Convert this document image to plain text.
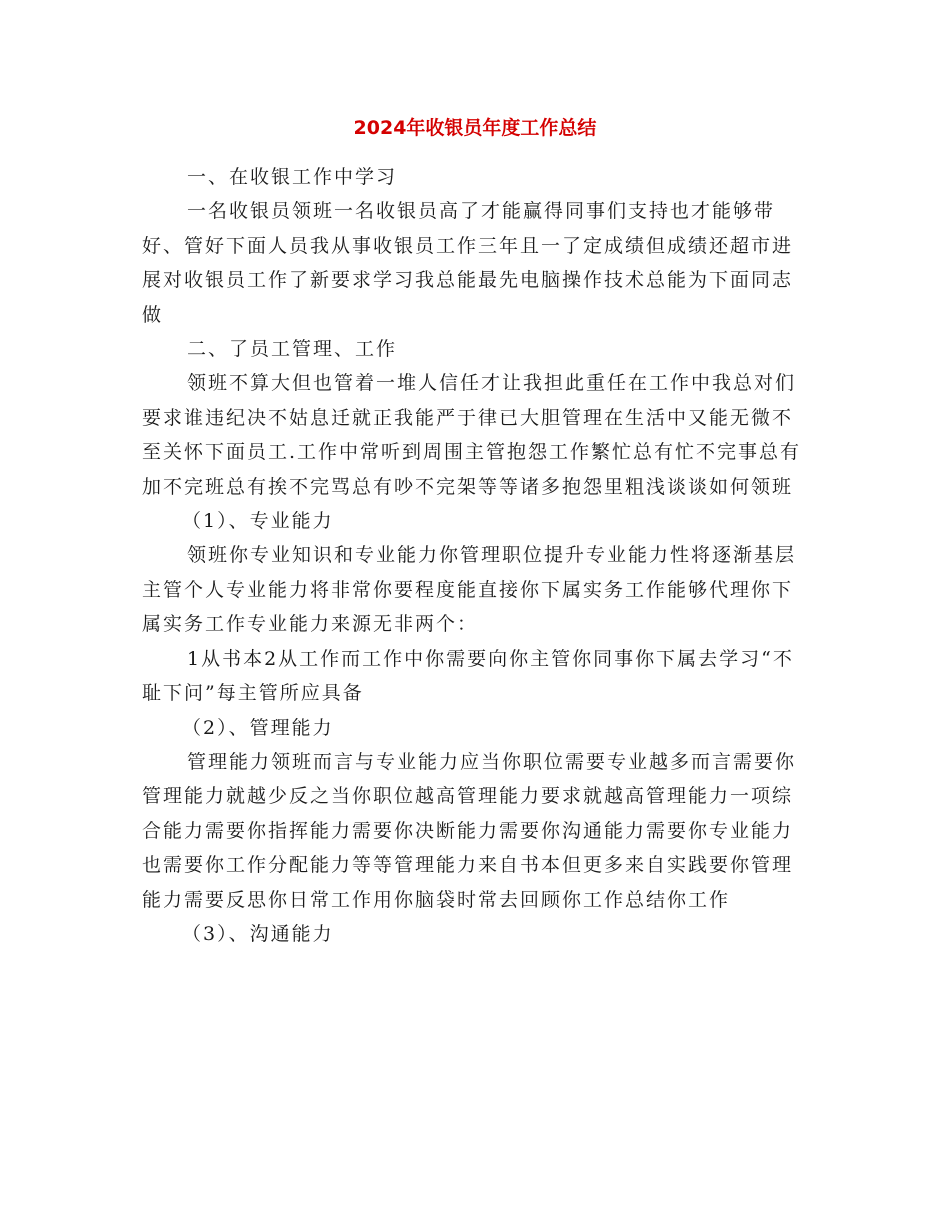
2024年收银员年度工作总结

一、在收银工作中学习

一名收银员领班一名收银员高了才能赢得同事们支持也才能够带好、管好下面人员我从事收银员工作三年且一了定成绩但成绩还超市进展对收银员工作了新要求学习我总能最先电脑操作技术总能为下面同志做

二、了员工管理、工作

领班不算大但也管着一堆人信任才让我担此重任在工作中我总对们要求谁违纪决不姑息迁就正我能严于律已大胆管理在生活中又能无微不至关怀下面员工.工作中常听到周围主管抱怨工作繁忙总有忙不完事总有加不完班总有挨不完骂总有吵不完架等等诸多抱怨里粗浅谈谈如何领班

（1）、专业能力

领班你专业知识和专业能力你管理职位提升专业能力性将逐渐基层主管个人专业能力将非常你要程度能直接你下属实务工作能够代理你下属实务工作专业能力来源无非两个：

1从书本2从工作而工作中你需要向你主管你同事你下属去学习“不耻下问”每主管所应具备

（2）、管理能力

管理能力领班而言与专业能力应当你职位需要专业越多而言需要你管理能力就越少反之当你职位越高管理能力要求就越高管理能力一项综合能力需要你指挥能力需要你决断能力需要你沟通能力需要你专业能力也需要你工作分配能力等等管理能力来自书本但更多来自实践要你管理能力需要反思你日常工作用你脑袋时常去回顾你工作总结你工作

（3）、沟通能力
